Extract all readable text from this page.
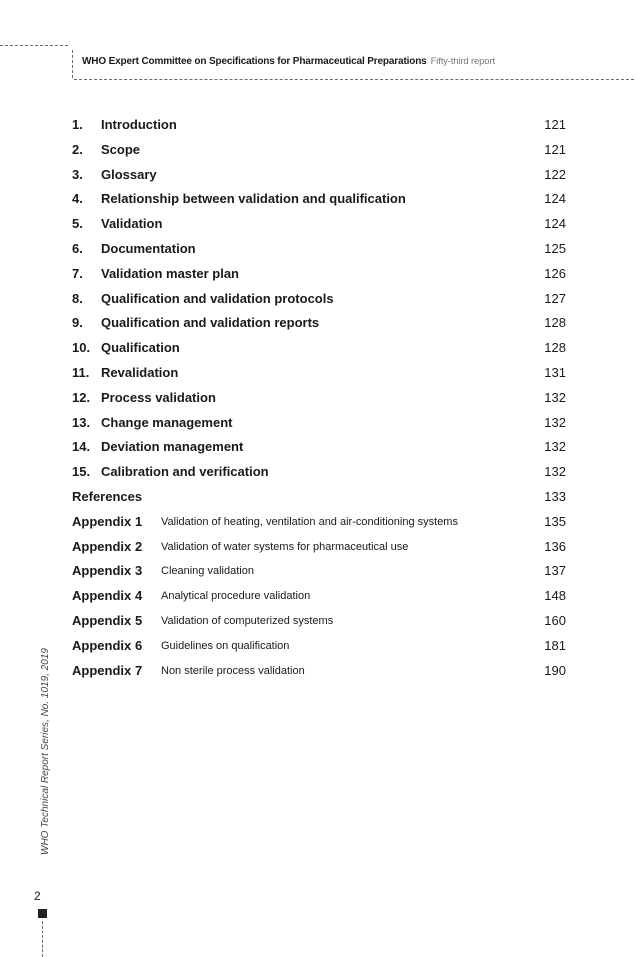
WHO Expert Committee on Specifications for Pharmaceutical Preparations Fifty-third report
1. Introduction	121
2. Scope	121
3. Glossary	122
4. Relationship between validation and qualification	124
5. Validation	124
6. Documentation	125
7. Validation master plan	126
8. Qualification and validation protocols	127
9. Qualification and validation reports	128
10. Qualification	128
11. Revalidation	131
12. Process validation	132
13. Change management	132
14. Deviation management	132
15. Calibration and verification	132
References	133
Appendix 1 Validation of heating, ventilation and air-conditioning systems	135
Appendix 2 Validation of water systems for pharmaceutical use	136
Appendix 3 Cleaning validation	137
Appendix 4 Analytical procedure validation	148
Appendix 5 Validation of computerized systems	160
Appendix 6 Guidelines on qualification	181
Appendix 7 Non sterile process validation	190
WHO Technical Report Series, No. 1019, 2019
2
